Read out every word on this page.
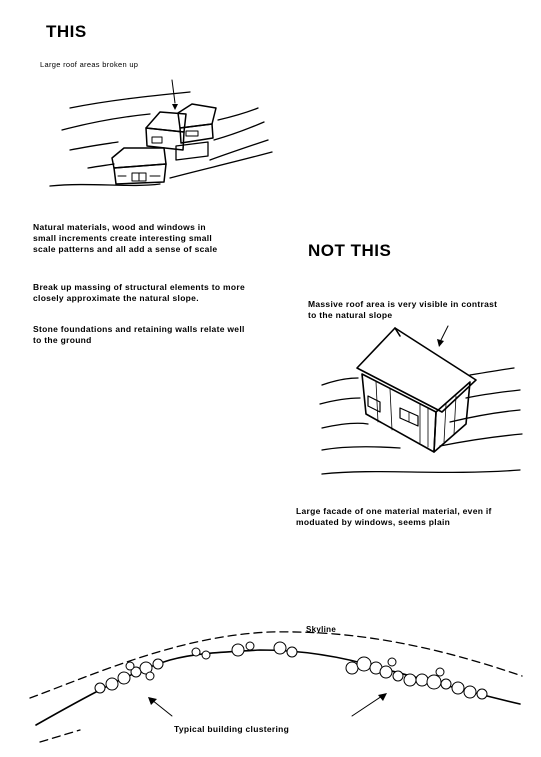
THIS
Large roof areas broken up
Natural materials, wood and windows in small increments create interesting small scale patterns and all add a sense of scale
Break up massing of structural elements to more closely approximate the natural slope.
Stone foundations and retaining walls relate well to the ground
NOT THIS
Massive roof area is very visible in contrast to the natural slope
Large facade of one material material, even if moduated by windows, seems plain
Skyline
Typical building clustering
